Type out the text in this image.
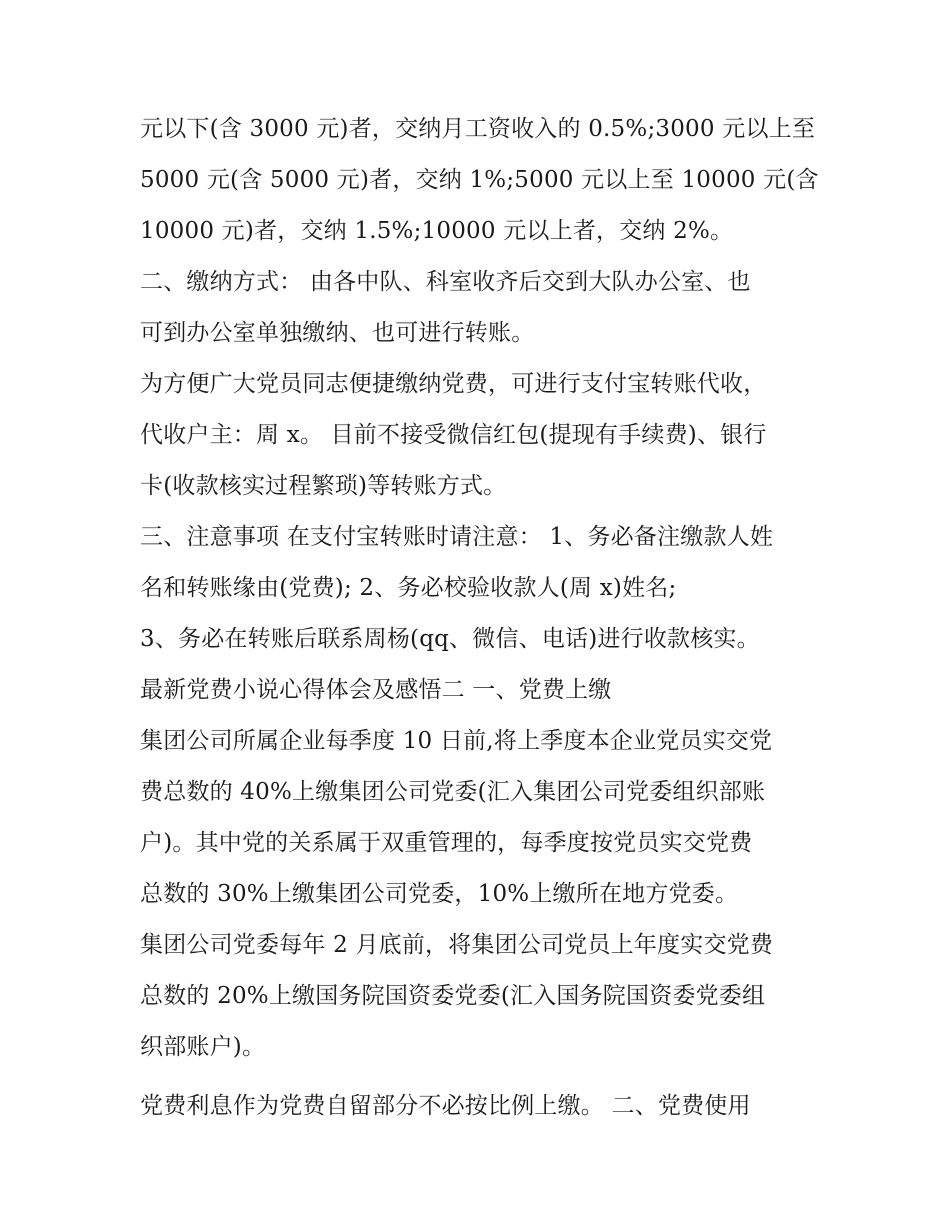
元以下(含 3000 元)者，交纳月工资收入的 0.5%;3000 元以上至
5000 元(含 5000 元)者，交纳 1%;5000 元以上至 10000 元(含
10000 元)者，交纳 1.5%;10000 元以上者，交纳 2%。
二、缴纳方式： 由各中队、科室收齐后交到大队办公室、也
可到办公室单独缴纳、也可进行转账。
为方便广大党员同志便捷缴纳党费，可进行支付宝转账代收，
代收户主：周 x。 目前不接受微信红包(提现有手续费)、银行
卡(收款核实过程繁琐)等转账方式。
三、注意事项 在支付宝转账时请注意： 1、务必备注缴款人姓
名和转账缘由(党费); 2、务必校验收款人(周 x)姓名;
3、务必在转账后联系周杨(qq、微信、电话)进行收款核实。
最新党费小说心得体会及感悟二 一、党费上缴
集团公司所属企业每季度 10 日前,将上季度本企业党员实交党
费总数的 40%上缴集团公司党委(汇入集团公司党委组织部账
户)。其中党的关系属于双重管理的，每季度按党员实交党费
总数的 30%上缴集团公司党委，10%上缴所在地方党委。
集团公司党委每年 2 月底前，将集团公司党员上年度实交党费
总数的 20%上缴国务院国资委党委(汇入国务院国资委党委组
织部账户)。
党费利息作为党费自留部分不必按比例上缴。 二、党费使用
